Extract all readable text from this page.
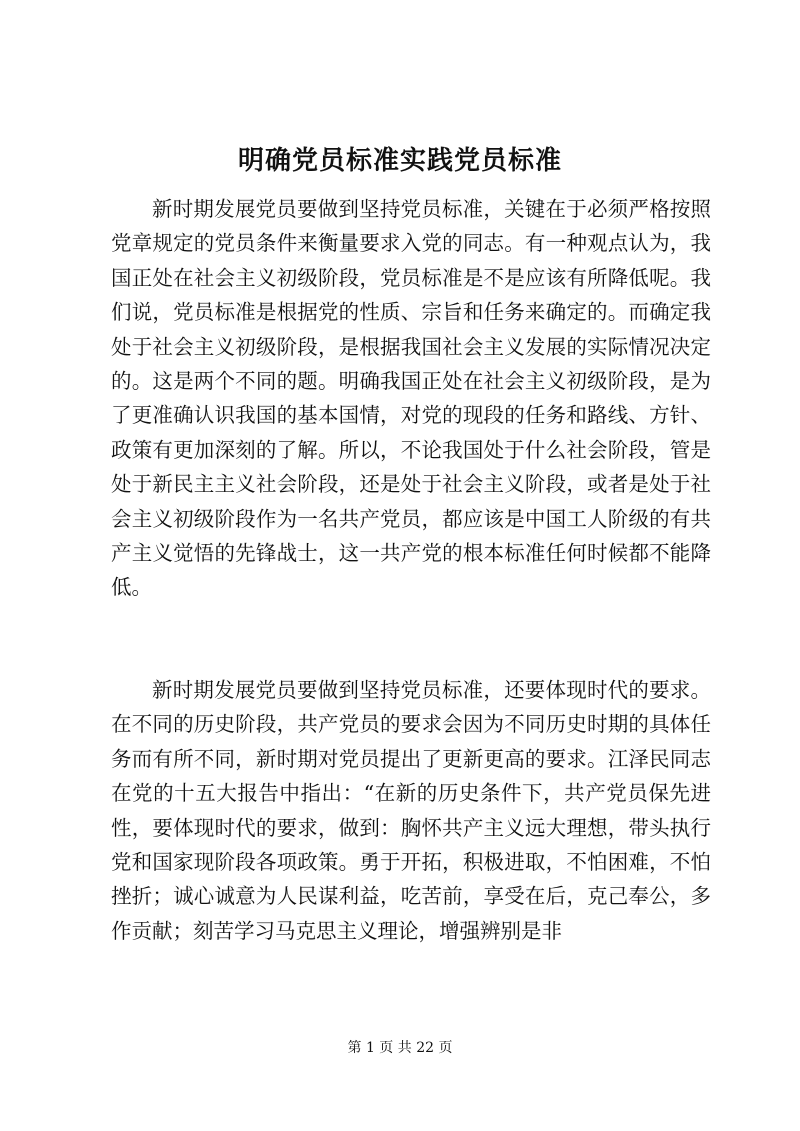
明确党员标准实践党员标准

新时期发展党员要做到坚持党员标准，关键在于必须严格按照党章规定的党员条件来衡量要求入党的同志。有一种观点认为，我国正处在社会主义初级阶段，党员标准是不是应该有所降低呢。我们说，党员标准是根据党的性质、宗旨和任务来确定的。而确定我处于社会主义初级阶段，是根据我国社会主义发展的实际情况决定的。这是两个不同的题。明确我国正处在社会主义初级阶段，是为了更准确认识我国的基本国情，对党的现段的任务和路线、方针、政策有更加深刻的了解。所以，不论我国处于什么社会阶段，管是处于新民主主义社会阶段，还是处于社会主义阶段，或者是处于社会主义初级阶段作为一名共产党员，都应该是中国工人阶级的有共产主义觉悟的先锋战士，这一共产党的根本标准任何时候都不能降低。

新时期发展党员要做到坚持党员标准，还要体现时代的要求。在不同的历史阶段，共产党员的要求会因为不同历史时期的具体任务而有所不同，新时期对党员提出了更新更高的要求。江泽民同志在党的十五大报告中指出：“在新的历史条件下，共产党员保先进性，要体现时代的要求，做到：胸怀共产主义远大理想，带头执行党和国家现阶段各项政策。勇于开拓，积极进取，不怕困难，不怕挫折；诚心诚意为人民谋利益，吃苦前，享受在后，克己奉公，多作贡献；刻苦学习马克思主义理论，增强辨别是非

第 1 页 共 22 页
